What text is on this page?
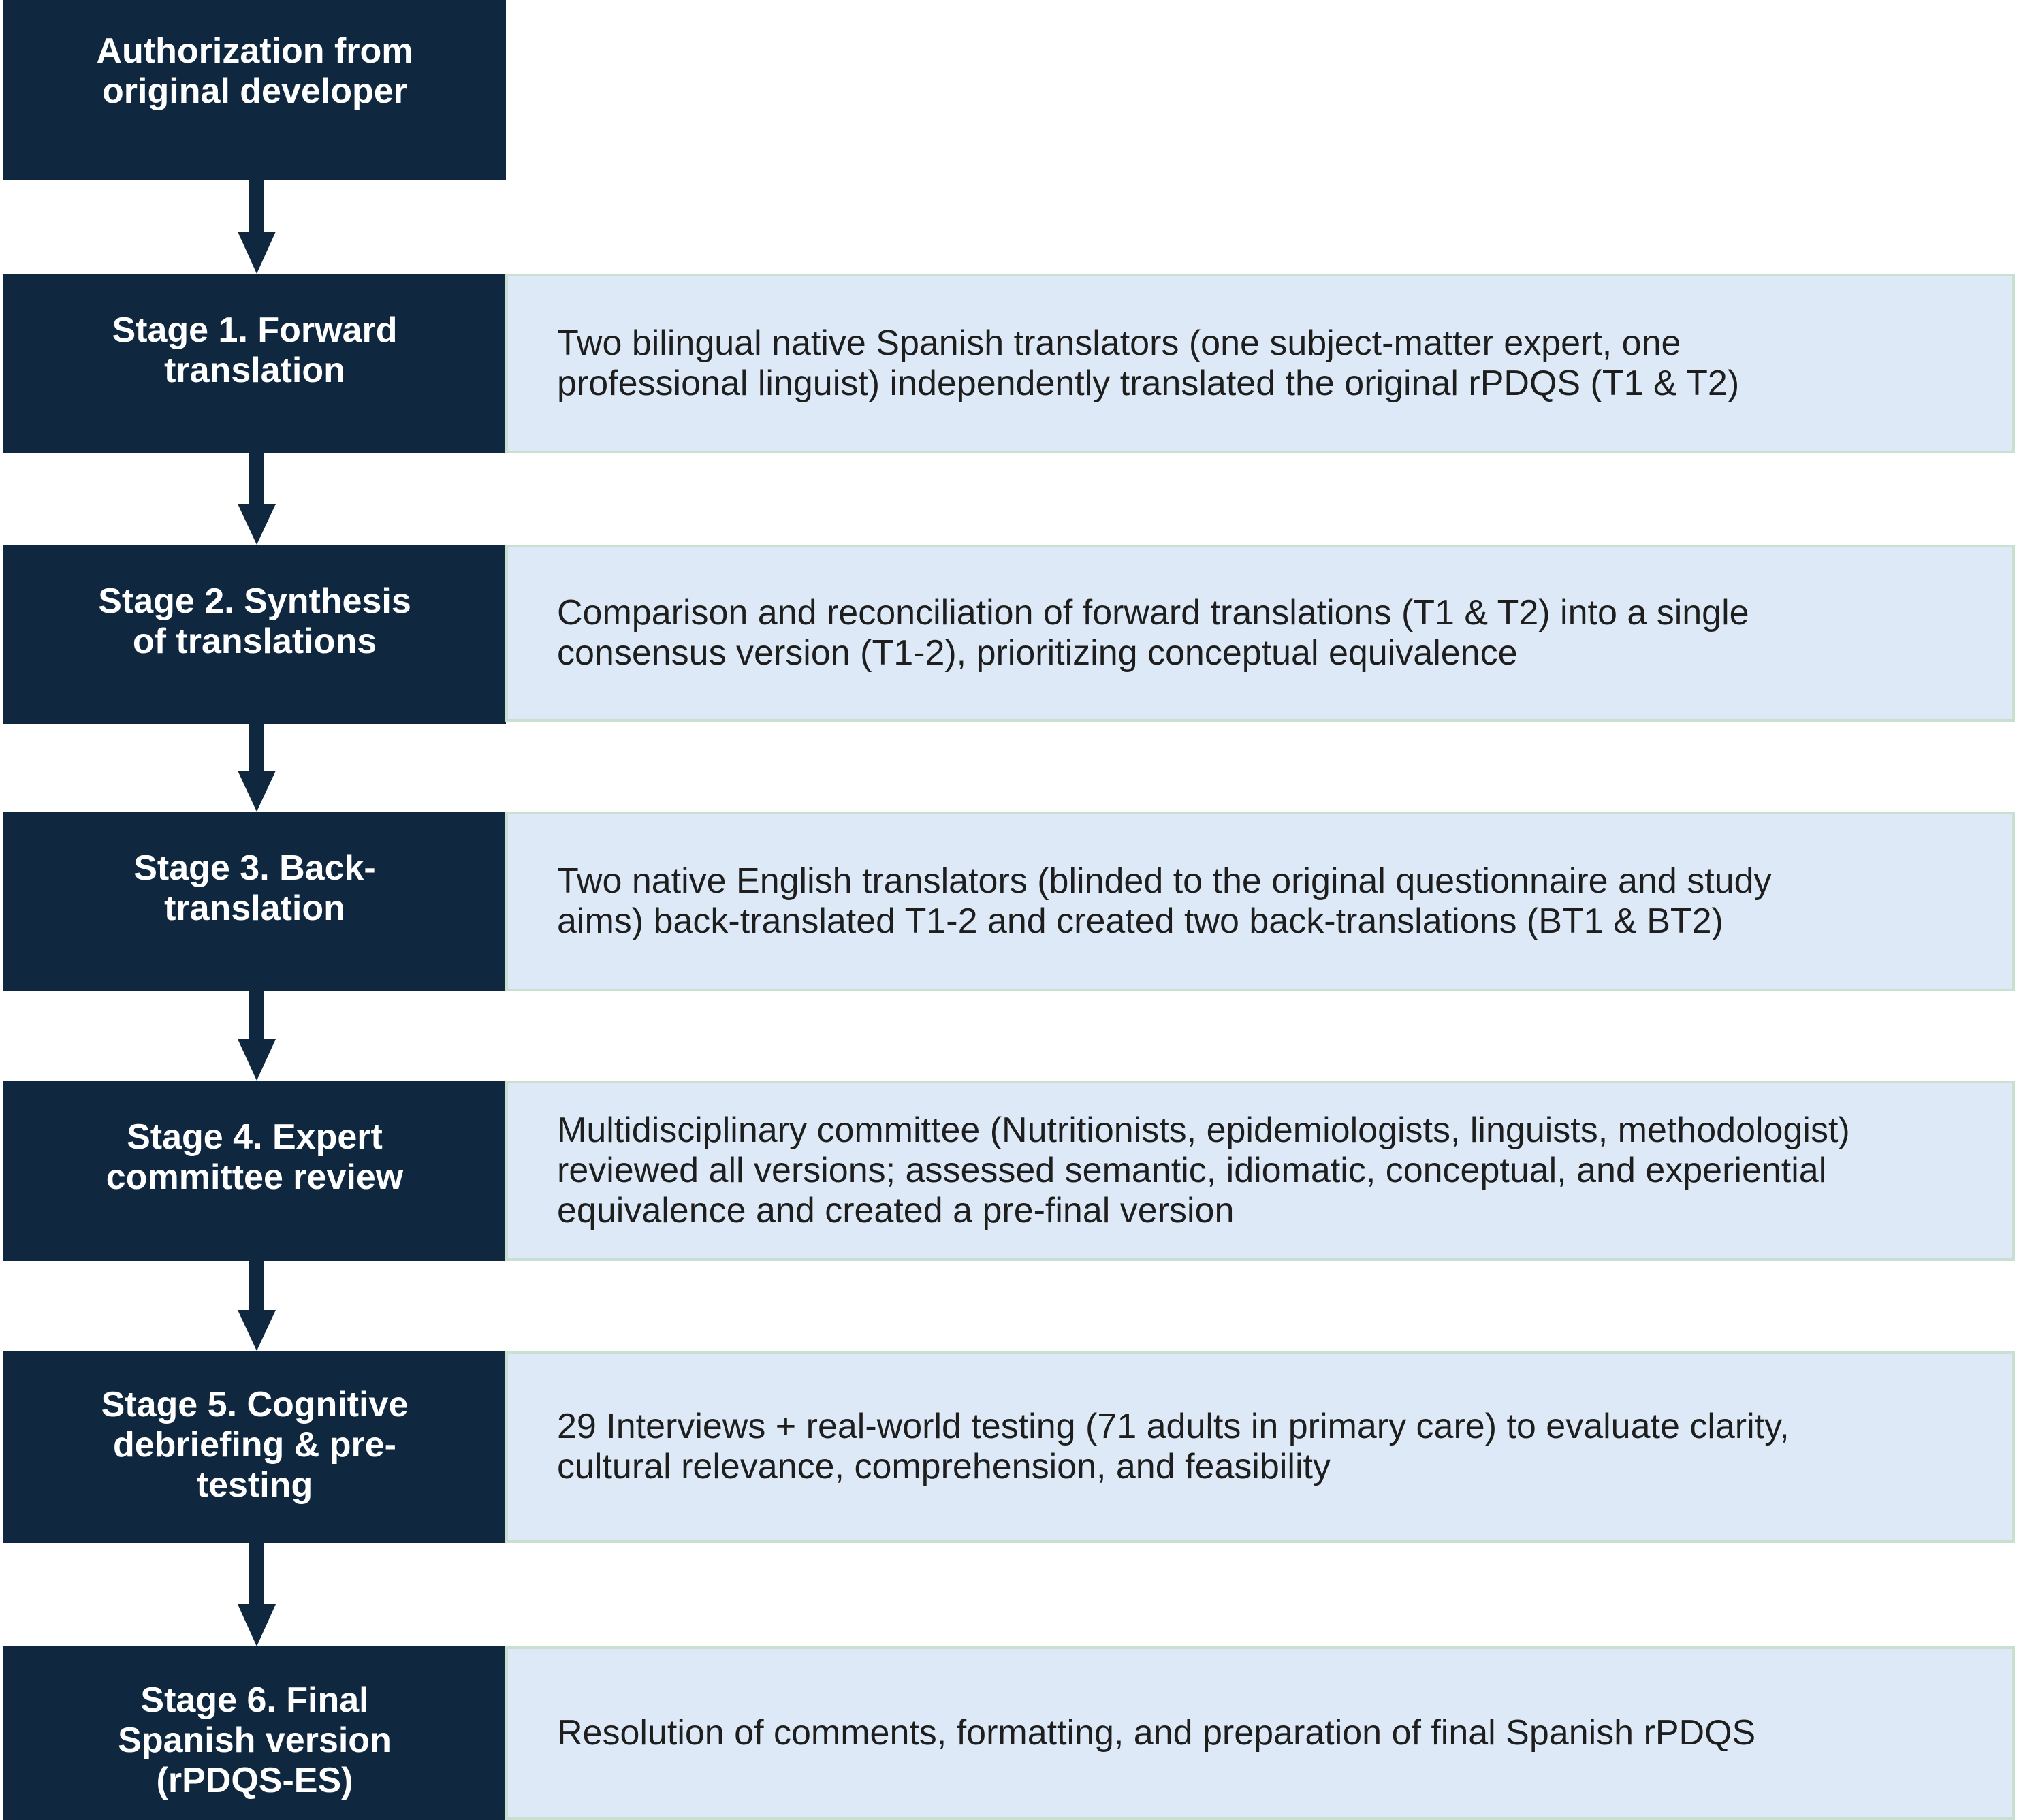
Authorization from
original developer
Stage 1. Forward
translation
Two bilingual native Spanish translators (one subject-matter expert, one
professional linguist) independently translated the original rPDQS (T1 & T2)
Stage 2. Synthesis
of translations
Comparison and reconciliation of forward translations (T1 & T2) into a single
consensus version (T1-2), prioritizing conceptual equivalence
Stage 3. Back-
translation
Two native English translators (blinded to the original questionnaire and study
aims) back-translated T1-2 and created two back-translations (BT1 & BT2)
Stage 4. Expert
committee review
Multidisciplinary committee (Nutritionists, epidemiologists, linguists, methodologist)
reviewed all versions; assessed semantic, idiomatic, conceptual, and experiential
equivalence and created a pre-final version
Stage 5. Cognitive
debriefing & pre-
testing
29 Interviews + real-world testing (71 adults in primary care) to evaluate clarity,
cultural relevance, comprehension, and feasibility
Stage 6. Final
Spanish version
(rPDQS-ES)
Resolution of comments, formatting, and preparation of final Spanish rPDQS
